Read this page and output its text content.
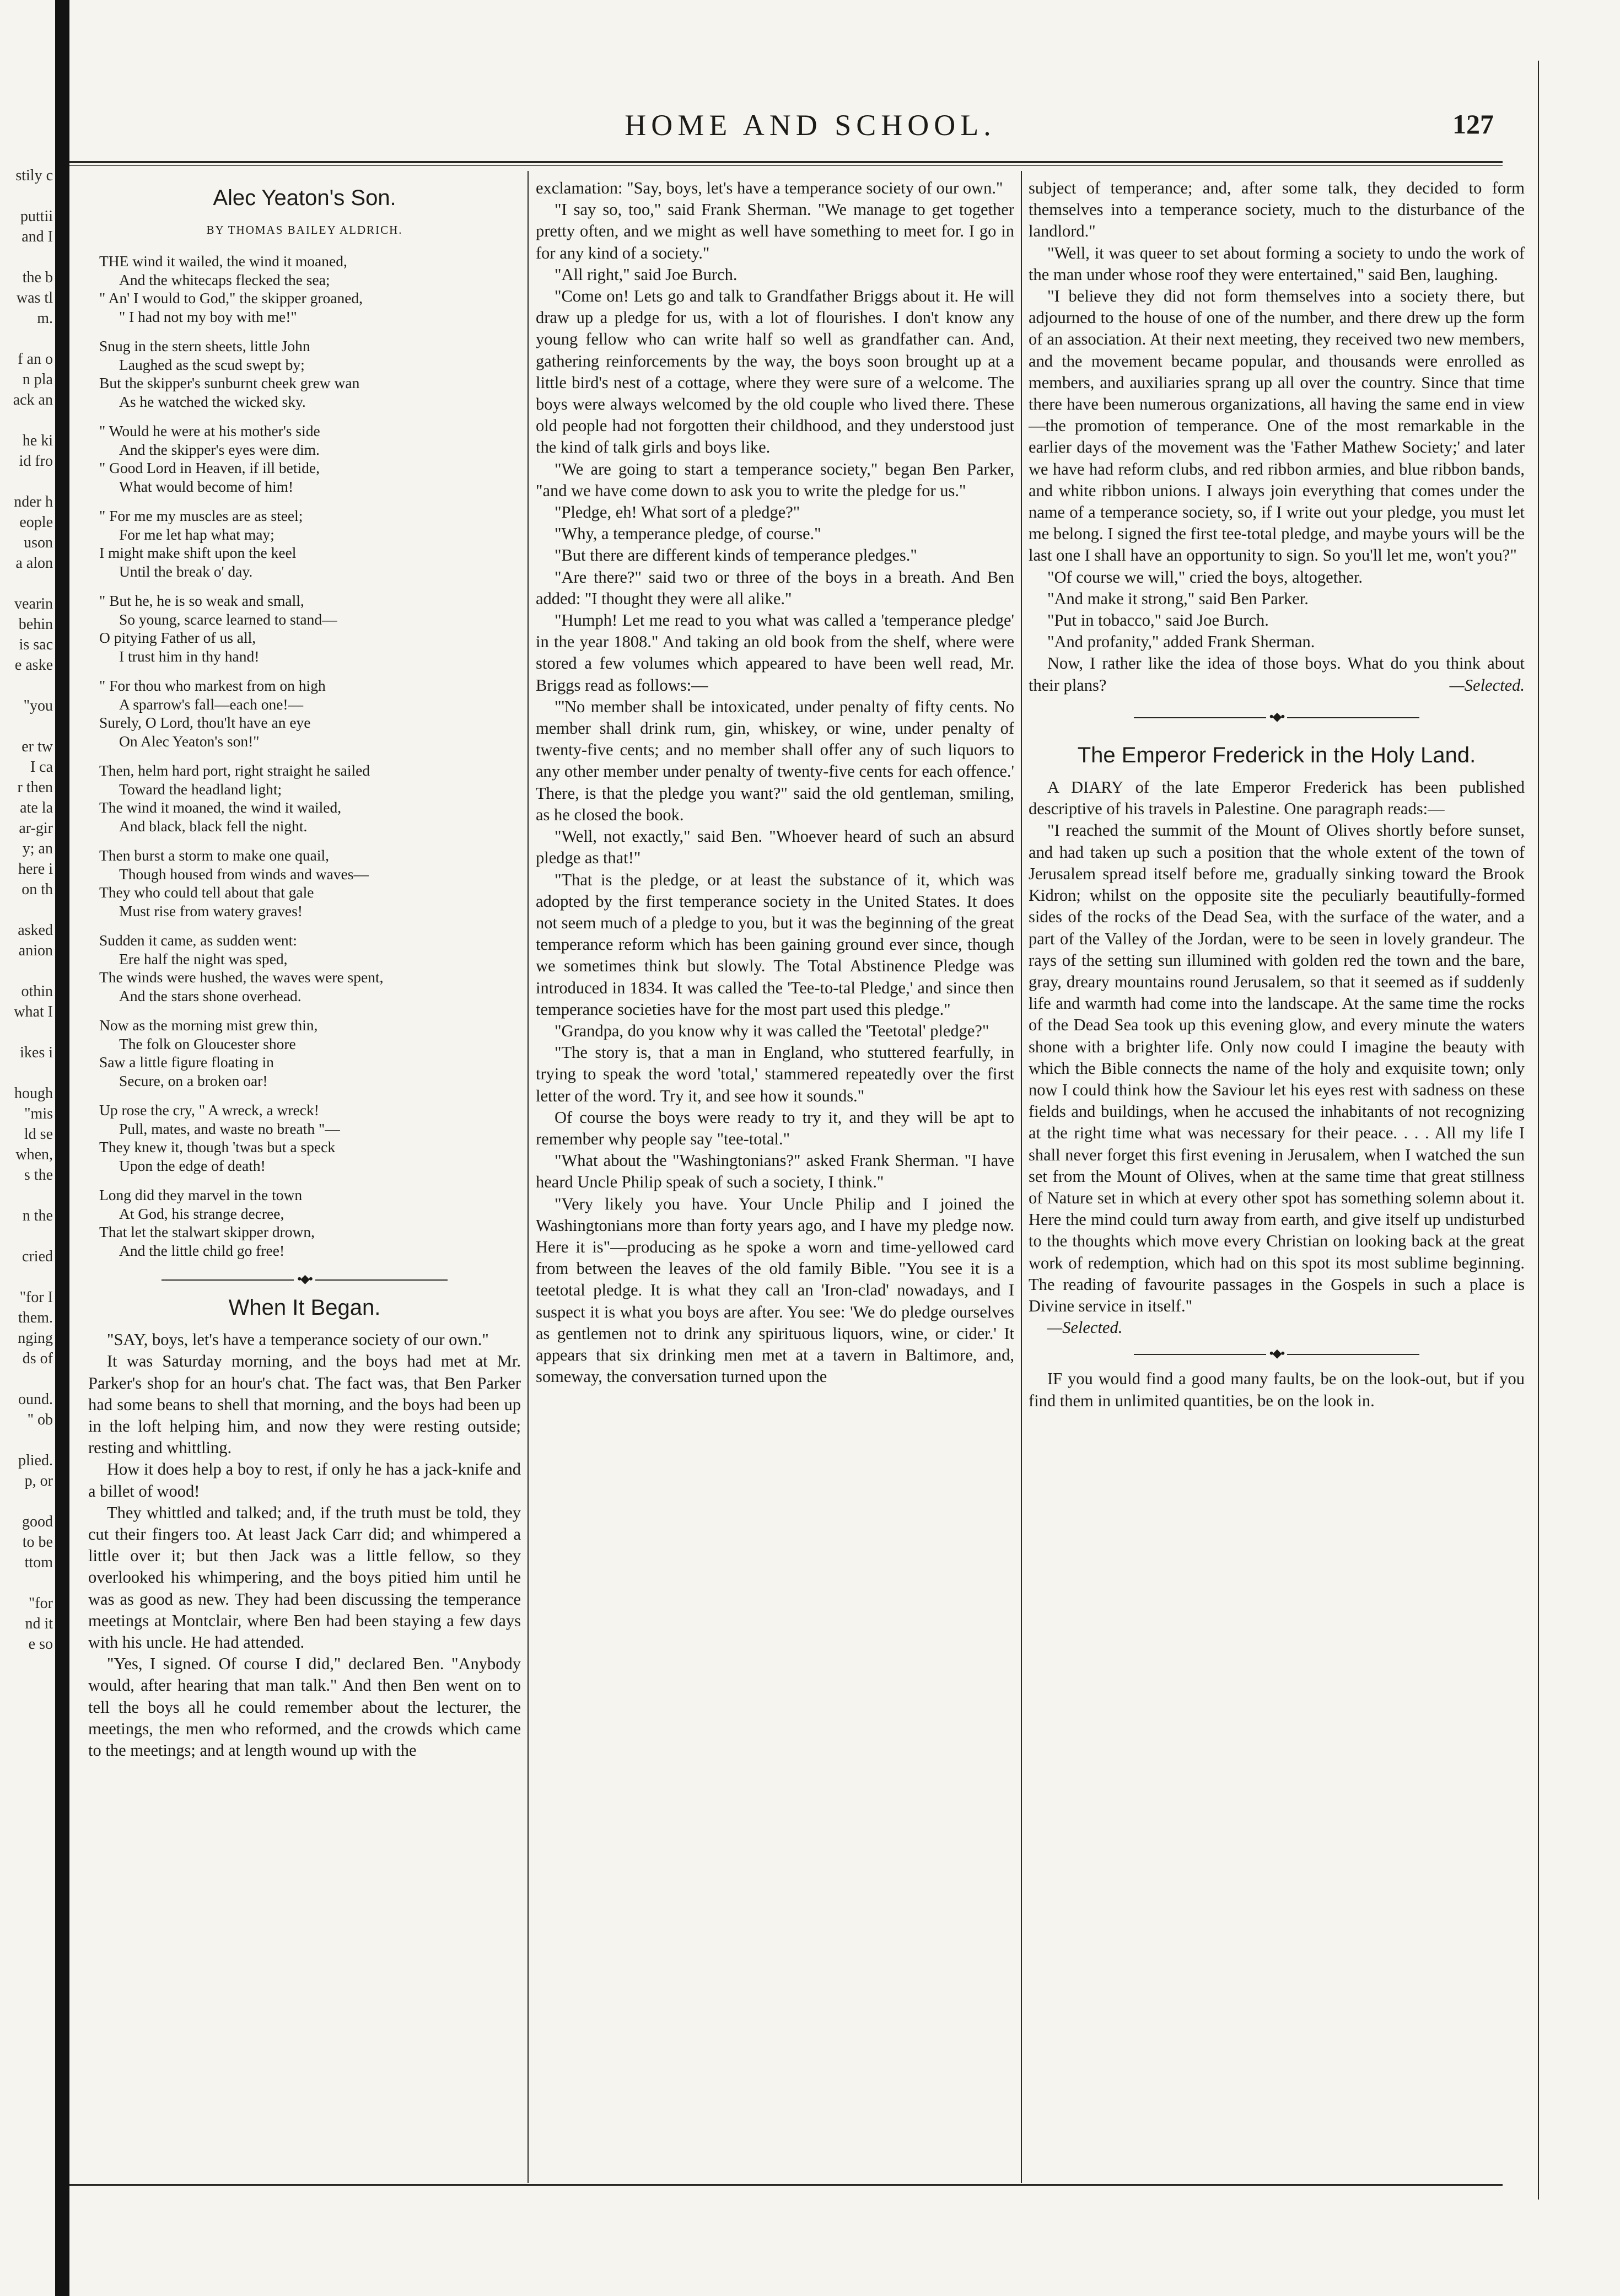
stily c

puttii
and I

the b
was tl
m.

f an o
n pla
ack an

he ki
id fro

nder h
eople
uson
a alon

vearin
behin
is sac
e aske

"you

er tw
I ca
r then
ate la
ar-gir
y; an
here i
on th

asked
anion

othin
what I

ikes i

hough
"mis
ld se
when,
s the

n the

cried

"for I
them.
nging
ds of

ound.
" ob

plied.
p, or

good
to be
ttom

"for
nd it
e so
HOME AND SCHOOL.	127
Alec Yeaton's Son.
BY THOMAS BAILEY ALDRICH.
THE wind it wailed, the wind it moaned,
And the whitecaps flecked the sea;
" An' I would to God," the skipper groaned,
" I had not my boy with me!"
Snug in the stern sheets, little John
Laughed as the scud swept by;
But the skipper's sunburnt cheek grew wan
As he watched the wicked sky.
" Would he were at his mother's side
And the skipper's eyes were dim.
" Good Lord in Heaven, if ill betide,
What would become of him!
" For me my muscles are as steel;
For me let hap what may;
I might make shift upon the keel
Until the break o' day.
" But he, he is so weak and small,
So young, scarce learned to stand—
O pitying Father of us all,
I trust him in thy hand!
" For thou who markest from on high
A sparrow's fall—each one!—
Surely, O Lord, thou'lt have an eye
On Alec Yeaton's son!"
Then, helm hard port, right straight he sailed
Toward the headland light;
The wind it moaned, the wind it wailed,
And black, black fell the night.
Then burst a storm to make one quail,
Though housed from winds and waves—
They who could tell about that gale
Must rise from watery graves!
Sudden it came, as sudden went:
Ere half the night was sped,
The winds were hushed, the waves were spent,
And the stars shone overhead.
Now as the morning mist grew thin,
The folk on Gloucester shore
Saw a little figure floating in
Secure, on a broken oar!
Up rose the cry, " A wreck, a wreck!
Pull, mates, and waste no breath "—
They knew it, though 'twas but a speck
Upon the edge of death!
Long did they marvel in the town
At God, his strange decree,
That let the stalwart skipper drown,
And the little child go free!
•◆•
When It Began.

"SAY, boys, let's have a temperance society of our own."

It was Saturday morning, and the boys had met at Mr. Parker's shop for an hour's chat. The fact was, that Ben Parker had some beans to shell that morning, and the boys had been up in the loft helping him, and now they were resting outside; resting and whittling.

How it does help a boy to rest, if only he has a jack-knife and a billet of wood!

They whittled and talked; and, if the truth must be told, they cut their fingers too. At least Jack Carr did; and whimpered a little over it; but then Jack was a little fellow, so they overlooked his whimpering, and the boys pitied him until he was as good as new. They had been discussing the temperance meetings at Montclair, where Ben had been staying a few days with his uncle. He had attended.

"Yes, I signed. Of course I did," declared Ben. "Anybody would, after hearing that man talk." And then Ben went on to tell the boys all he could remember about the lecturer, the meetings, the men who reformed, and the crowds which came to the meetings; and at length wound up with the

exclamation: "Say, boys, let's have a temperance society of our own."

"I say so, too," said Frank Sherman. "We manage to get together pretty often, and we might as well have something to meet for. I go in for any kind of a society."

"All right," said Joe Burch.

"Come on! Lets go and talk to Grandfather Briggs about it. He will draw up a pledge for us, with a lot of flourishes. I don't know any young fellow who can write half so well as grandfather can. And, gathering reinforcements by the way, the boys soon brought up at a little bird's nest of a cottage, where they were sure of a welcome. The boys were always welcomed by the old couple who lived there. These old people had not forgotten their childhood, and they understood just the kind of talk girls and boys like.

"We are going to start a temperance society," began Ben Parker, "and we have come down to ask you to write the pledge for us."

"Pledge, eh! What sort of a pledge?"

"Why, a temperance pledge, of course."

"But there are different kinds of temperance pledges."

"Are there?" said two or three of the boys in a breath. And Ben added: "I thought they were all alike."

"Humph! Let me read to you what was called a 'temperance pledge' in the year 1808." And taking an old book from the shelf, where were stored a few volumes which appeared to have been well read, Mr. Briggs read as follows:—

"'No member shall be intoxicated, under penalty of fifty cents. No member shall drink rum, gin, whiskey, or wine, under penalty of twenty-five cents; and no member shall offer any of such liquors to any other member under penalty of twenty-five cents for each offence.' There, is that the pledge you want?" said the old gentleman, smiling, as he closed the book.

"Well, not exactly," said Ben. "Whoever heard of such an absurd pledge as that!"

"That is the pledge, or at least the substance of it, which was adopted by the first temperance society in the United States. It does not seem much of a pledge to you, but it was the beginning of the great temperance reform which has been gaining ground ever since, though we sometimes think but slowly. The Total Abstinence Pledge was introduced in 1834. It was called the 'Tee-to-tal Pledge,' and since then temperance societies have for the most part used this pledge."

"Grandpa, do you know why it was called the 'Teetotal' pledge?"

"The story is, that a man in England, who stuttered fearfully, in trying to speak the word 'total,' stammered repeatedly over the first letter of the word. Try it, and see how it sounds."

Of course the boys were ready to try it, and they will be apt to remember why people say "tee-total."

"What about the "Washingtonians?" asked Frank Sherman. "I have heard Uncle Philip speak of such a society, I think."

"Very likely you have. Your Uncle Philip and I joined the Washingtonians more than forty years ago, and I have my pledge now. Here it is"—producing as he spoke a worn and time-yellowed card from between the leaves of the old family Bible. "You see it is a teetotal pledge. It is what they call an 'Iron-clad' nowadays, and I suspect it is what you boys are after. You see: 'We do pledge ourselves as gentlemen not to drink any spirituous liquors, wine, or cider.' It appears that six drinking men met at a tavern in Baltimore, and, someway, the conversation turned upon the

subject of temperance; and, after some talk, they decided to form themselves into a temperance society, much to the disturbance of the landlord."

"Well, it was queer to set about forming a society to undo the work of the man under whose roof they were entertained," said Ben, laughing.

"I believe they did not form themselves into a society there, but adjourned to the house of one of the number, and there drew up the form of an association. At their next meeting, they received two new members, and the movement became popular, and thousands were enrolled as members, and auxiliaries sprang up all over the country. Since that time there have been numerous organizations, all having the same end in view—the promotion of temperance. One of the most remarkable in the earlier days of the movement was the 'Father Mathew Society;' and later we have had reform clubs, and red ribbon armies, and blue ribbon bands, and white ribbon unions. I always join everything that comes under the name of a temperance society, so, if I write out your pledge, you must let me belong. I signed the first tee-total pledge, and maybe yours will be the last one I shall have an opportunity to sign. So you'll let me, won't you?"

"Of course we will," cried the boys, altogether.

"And make it strong," said Ben Parker.

"Put in tobacco," said Joe Burch.

"And profanity," added Frank Sherman.

Now, I rather like the idea of those boys. What do you think about their plans?	—Selected.

•◆•
The Emperor Frederick in the Holy Land.

A DIARY of the late Emperor Frederick has been published descriptive of his travels in Palestine. One paragraph reads:—

"I reached the summit of the Mount of Olives shortly before sunset, and had taken up such a position that the whole extent of the town of Jerusalem spread itself before me, gradually sinking toward the Brook Kidron; whilst on the opposite site the peculiarly beautifully-formed sides of the rocks of the Dead Sea, with the surface of the water, and a part of the Valley of the Jordan, were to be seen in lovely grandeur. The rays of the setting sun illumined with golden red the town and the bare, gray, dreary mountains round Jerusalem, so that it seemed as if suddenly life and warmth had come into the landscape. At the same time the rocks of the Dead Sea took up this evening glow, and every minute the waters shone with a brighter life. Only now could I imagine the beauty with which the Bible connects the name of the holy and exquisite town; only now I could think how the Saviour let his eyes rest with sadness on these fields and buildings, when he accused the inhabitants of not recognizing at the right time what was necessary for their peace. . . . All my life I shall never forget this first evening in Jerusalem, when I watched the sun set from the Mount of Olives, when at the same time that great stillness of Nature set in which at every other spot has something solemn about it. Here the mind could turn away from earth, and give itself up undisturbed to the thoughts which move every Christian on looking back at the great work of redemption, which had on this spot its most sublime beginning. The reading of favourite passages in the Gospels in such a place is Divine service in itself."

—Selected.

•◆•

IF you would find a good many faults, be on the look-out, but if you find them in unlimited quantities, be on the look in.
